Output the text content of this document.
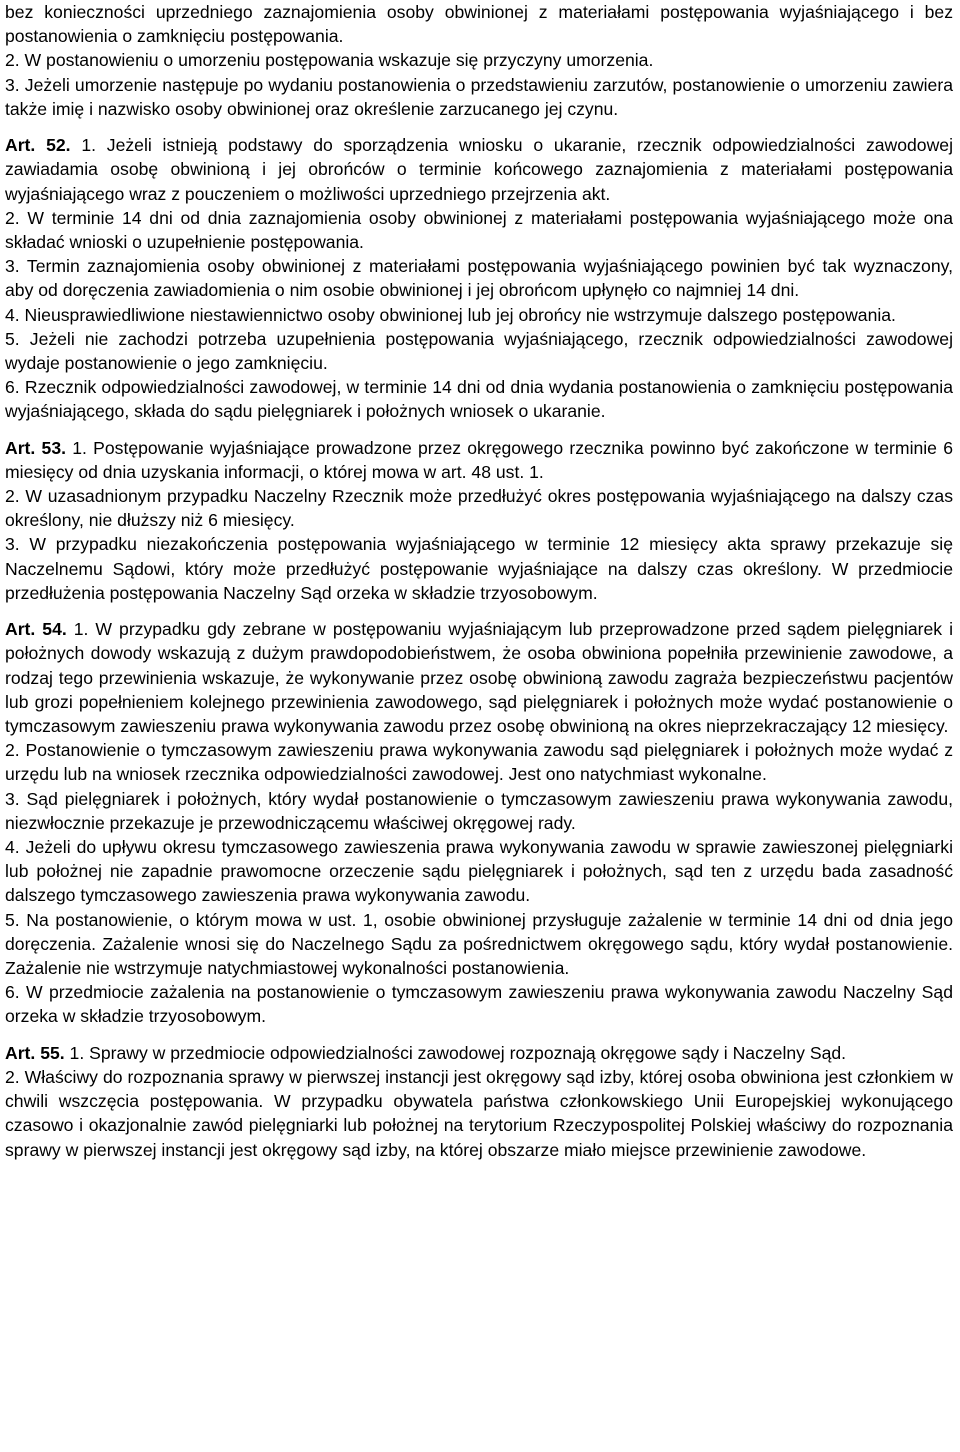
bez konieczności uprzedniego zaznajomienia osoby obwinionej z materiałami postępowania wyjaśniającego i bez postanowienia o zamknięciu postępowania.

2. W postanowieniu o umorzeniu postępowania wskazuje się przyczyny umorzenia.

3. Jeżeli umorzenie następuje po wydaniu postanowienia o przedstawieniu zarzutów, postanowienie o umorzeniu zawiera także imię i nazwisko osoby obwinionej oraz określenie zarzucanego jej czynu.

Art. 52. 1. Jeżeli istnieją podstawy do sporządzenia wniosku o ukaranie, rzecznik odpowiedzialności zawodowej zawiadamia osobę obwinioną i jej obrońców o terminie końcowego zaznajomienia z materiałami postępowania wyjaśniającego wraz z pouczeniem o możliwości uprzedniego przejrzenia akt.

2. W terminie 14 dni od dnia zaznajomienia osoby obwinionej z materiałami postępowania wyjaśniającego może ona składać wnioski o uzupełnienie postępowania.

3. Termin zaznajomienia osoby obwinionej z materiałami postępowania wyjaśniającego powinien być tak wyznaczony, aby od doręczenia zawiadomienia o nim osobie obwinionej i jej obrońcom upłynęło co najmniej 14 dni.

4. Nieusprawiedliwione niestawiennictwo osoby obwinionej lub jej obrońcy nie wstrzymuje dalszego postępowania.

5. Jeżeli nie zachodzi potrzeba uzupełnienia postępowania wyjaśniającego, rzecznik odpowiedzialności zawodowej wydaje postanowienie o jego zamknięciu.

6. Rzecznik odpowiedzialności zawodowej, w terminie 14 dni od dnia wydania postanowienia o zamknięciu postępowania wyjaśniającego, składa do sądu pielęgniarek i położnych wniosek o ukaranie.

Art. 53. 1. Postępowanie wyjaśniające prowadzone przez okręgowego rzecznika powinno być zakończone w terminie 6 miesięcy od dnia uzyskania informacji, o której mowa w art. 48 ust. 1.

2. W uzasadnionym przypadku Naczelny Rzecznik może przedłużyć okres postępowania wyjaśniającego na dalszy czas określony, nie dłuższy niż 6 miesięcy.

3. W przypadku niezakończenia postępowania wyjaśniającego w terminie 12 miesięcy akta sprawy przekazuje się Naczelnemu Sądowi, który może przedłużyć postępowanie wyjaśniające na dalszy czas określony. W przedmiocie przedłużenia postępowania Naczelny Sąd orzeka w składzie trzyosobowym.

Art. 54. 1. W przypadku gdy zebrane w postępowaniu wyjaśniającym lub przeprowadzone przed sądem pielęgniarek i położnych dowody wskazują z dużym prawdopodobieństwem, że osoba obwiniona popełniła przewinienie zawodowe, a rodzaj tego przewinienia wskazuje, że wykonywanie przez osobę obwinioną zawodu zagraża bezpieczeństwu pacjentów lub grozi popełnieniem kolejnego przewinienia zawodowego, sąd pielęgniarek i położnych może wydać postanowienie o tymczasowym zawieszeniu prawa wykonywania zawodu przez osobę obwinioną na okres nieprzekraczający 12 miesięcy.

2. Postanowienie o tymczasowym zawieszeniu prawa wykonywania zawodu sąd pielęgniarek i położnych może wydać z urzędu lub na wniosek rzecznika odpowiedzialności zawodowej. Jest ono natychmiast wykonalne.

3. Sąd pielęgniarek i położnych, który wydał postanowienie o tymczasowym zawieszeniu prawa wykonywania zawodu, niezwłocznie przekazuje je przewodniczącemu właściwej okręgowej rady.

4. Jeżeli do upływu okresu tymczasowego zawieszenia prawa wykonywania zawodu w sprawie zawieszonej pielęgniarki lub położnej nie zapadnie prawomocne orzeczenie sądu pielęgniarek i położnych, sąd ten z urzędu bada zasadność dalszego tymczasowego zawieszenia prawa wykonywania zawodu.

5. Na postanowienie, o którym mowa w ust. 1, osobie obwinionej przysługuje zażalenie w terminie 14 dni od dnia jego doręczenia. Zażalenie wnosi się do Naczelnego Sądu za pośrednictwem okręgowego sądu, który wydał postanowienie. Zażalenie nie wstrzymuje natychmiastowej wykonalności postanowienia.

6. W przedmiocie zażalenia na postanowienie o tymczasowym zawieszeniu prawa wykonywania zawodu Naczelny Sąd orzeka w składzie trzyosobowym.

Art. 55. 1. Sprawy w przedmiocie odpowiedzialności zawodowej rozpoznają okręgowe sądy i Naczelny Sąd.

2. Właściwy do rozpoznania sprawy w pierwszej instancji jest okręgowy sąd izby, której osoba obwiniona jest członkiem w chwili wszczęcia postępowania. W przypadku obywatela państwa członkowskiego Unii Europejskiej wykonującego czasowo i okazjonalnie zawód pielęgniarki lub położnej na terytorium Rzeczypospolitej Polskiej właściwy do rozpoznania sprawy w pierwszej instancji jest okręgowy sąd izby, na której obszarze miało miejsce przewinienie zawodowe.
